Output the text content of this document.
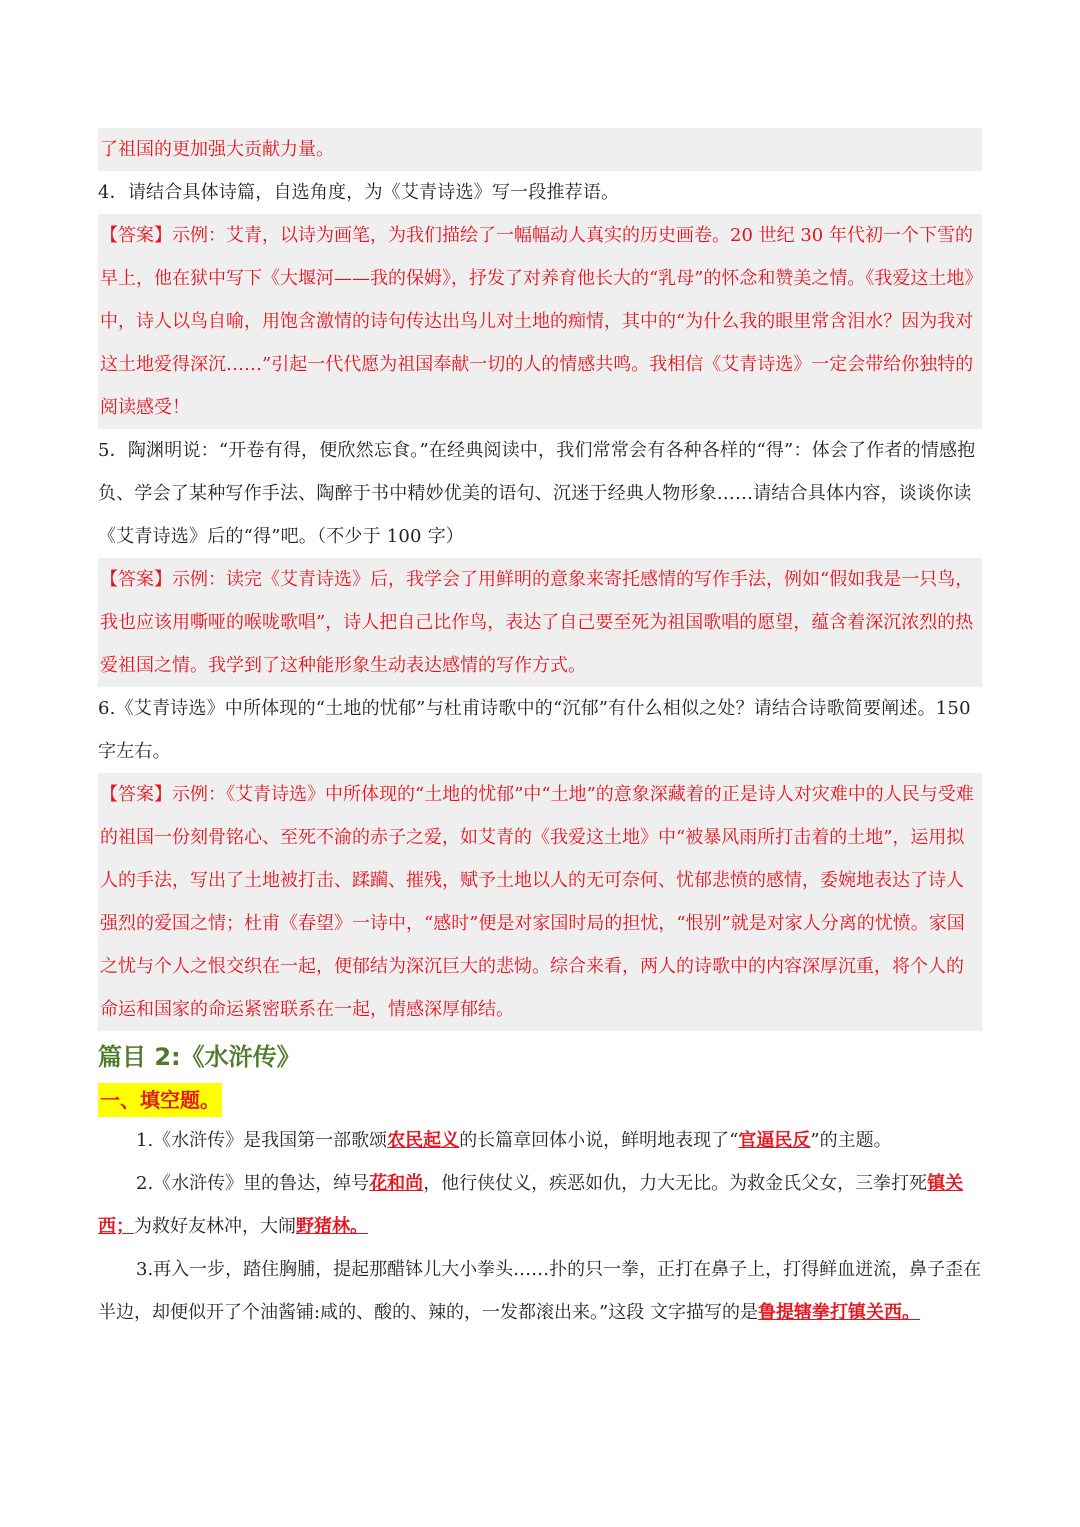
了祖国的更加强大贡献力量。
4．请结合具体诗篇，自选角度，为《艾青诗选》写一段推荐语。
【答案】示例：艾青，以诗为画笔，为我们描绘了一幅幅动人真实的历史画卷。20 世纪 30 年代初一个下雪的早上，他在狱中写下《大堰河——我的保姆》，抒发了对养育他长大的“乳母”的怀念和赞美之情。《我爱这土地》中，诗人以鸟自喻，用饱含激情的诗句传达出鸟儿对土地的痴情，其中的“为什么我的眼里常含泪水？因为我对这土地爱得深沉……”引起一代代愿为祖国奉献一切的人的情感共鸣。我相信《艾青诗选》一定会带给你独特的阅读感受！
5．陶渊明说：“开卷有得，便欣然忘食。”在经典阅读中，我们常常会有各种各样的“得”：体会了作者的情感抱负、学会了某种写作手法、陶醉于书中精妙优美的语句、沉迷于经典人物形象……请结合具体内容，谈谈你读《艾青诗选》后的“得”吧。（不少于 100 字）
【答案】示例：读完《艾青诗选》后，我学会了用鲜明的意象来寄托感情的写作手法，例如“假如我是一只鸟，我也应该用嘶哑的喉咙歌唱”，诗人把自己比作鸟，表达了自己要至死为祖国歌唱的愿望，蕴含着深沉浓烈的热爱祖国之情。我学到了这种能形象生动表达感情的写作方式。
6.《艾青诗选》中所体现的“土地的忧郁”与杜甫诗歌中的“沉郁”有什么相似之处？请结合诗歌简要阐述。150 字左右。
【答案】示例：《艾青诗选》中所体现的“土地的忧郁”中“土地”的意象深藏着的正是诗人对灾难中的人民与受难的祖国一份刻骨铭心、至死不渝的赤子之爱，如艾青的《我爱这土地》中“被暴风雨所打击着的土地”，运用拟人的手法，写出了土地被打击、蹂躏、摧残，赋予土地以人的无可奈何、忧郁悲愤的感情，委婉地表达了诗人强烈的爱国之情；杜甫《春望》一诗中，“感时”便是对家国时局的担忧，“恨别”就是对家人分离的忧愤。家国之忧与个人之恨交织在一起，便郁结为深沉巨大的悲恸。综合来看，两人的诗歌中的内容深厚沉重，将个人的命运和国家的命运紧密联系在一起，情感深厚郁结。
篇目 2:《水浒传》
一、填空题。
1.《水浒传》是我国第一部歌颂农民起义的长篇章回体小说，鲜明地表现了“官逼民反”的主题。
2.《水浒传》里的鲁达，绰号花和尚，他行侠仗义，疾恶如仇，力大无比。为救金氏父女，三拳打死镇关西；为救好友林冲，大闹野猪林。
3.再入一步，踏住胸脯，提起那醋钵儿大小拳头……扑的只一拳，正打在鼻子上，打得鲜血迸流，鼻子歪在半边，却便似开了个油酱铺:咸的、酸的、辣的，一发都滚出来。”这段 文字描写的是鲁提辖拳打镇关西。
